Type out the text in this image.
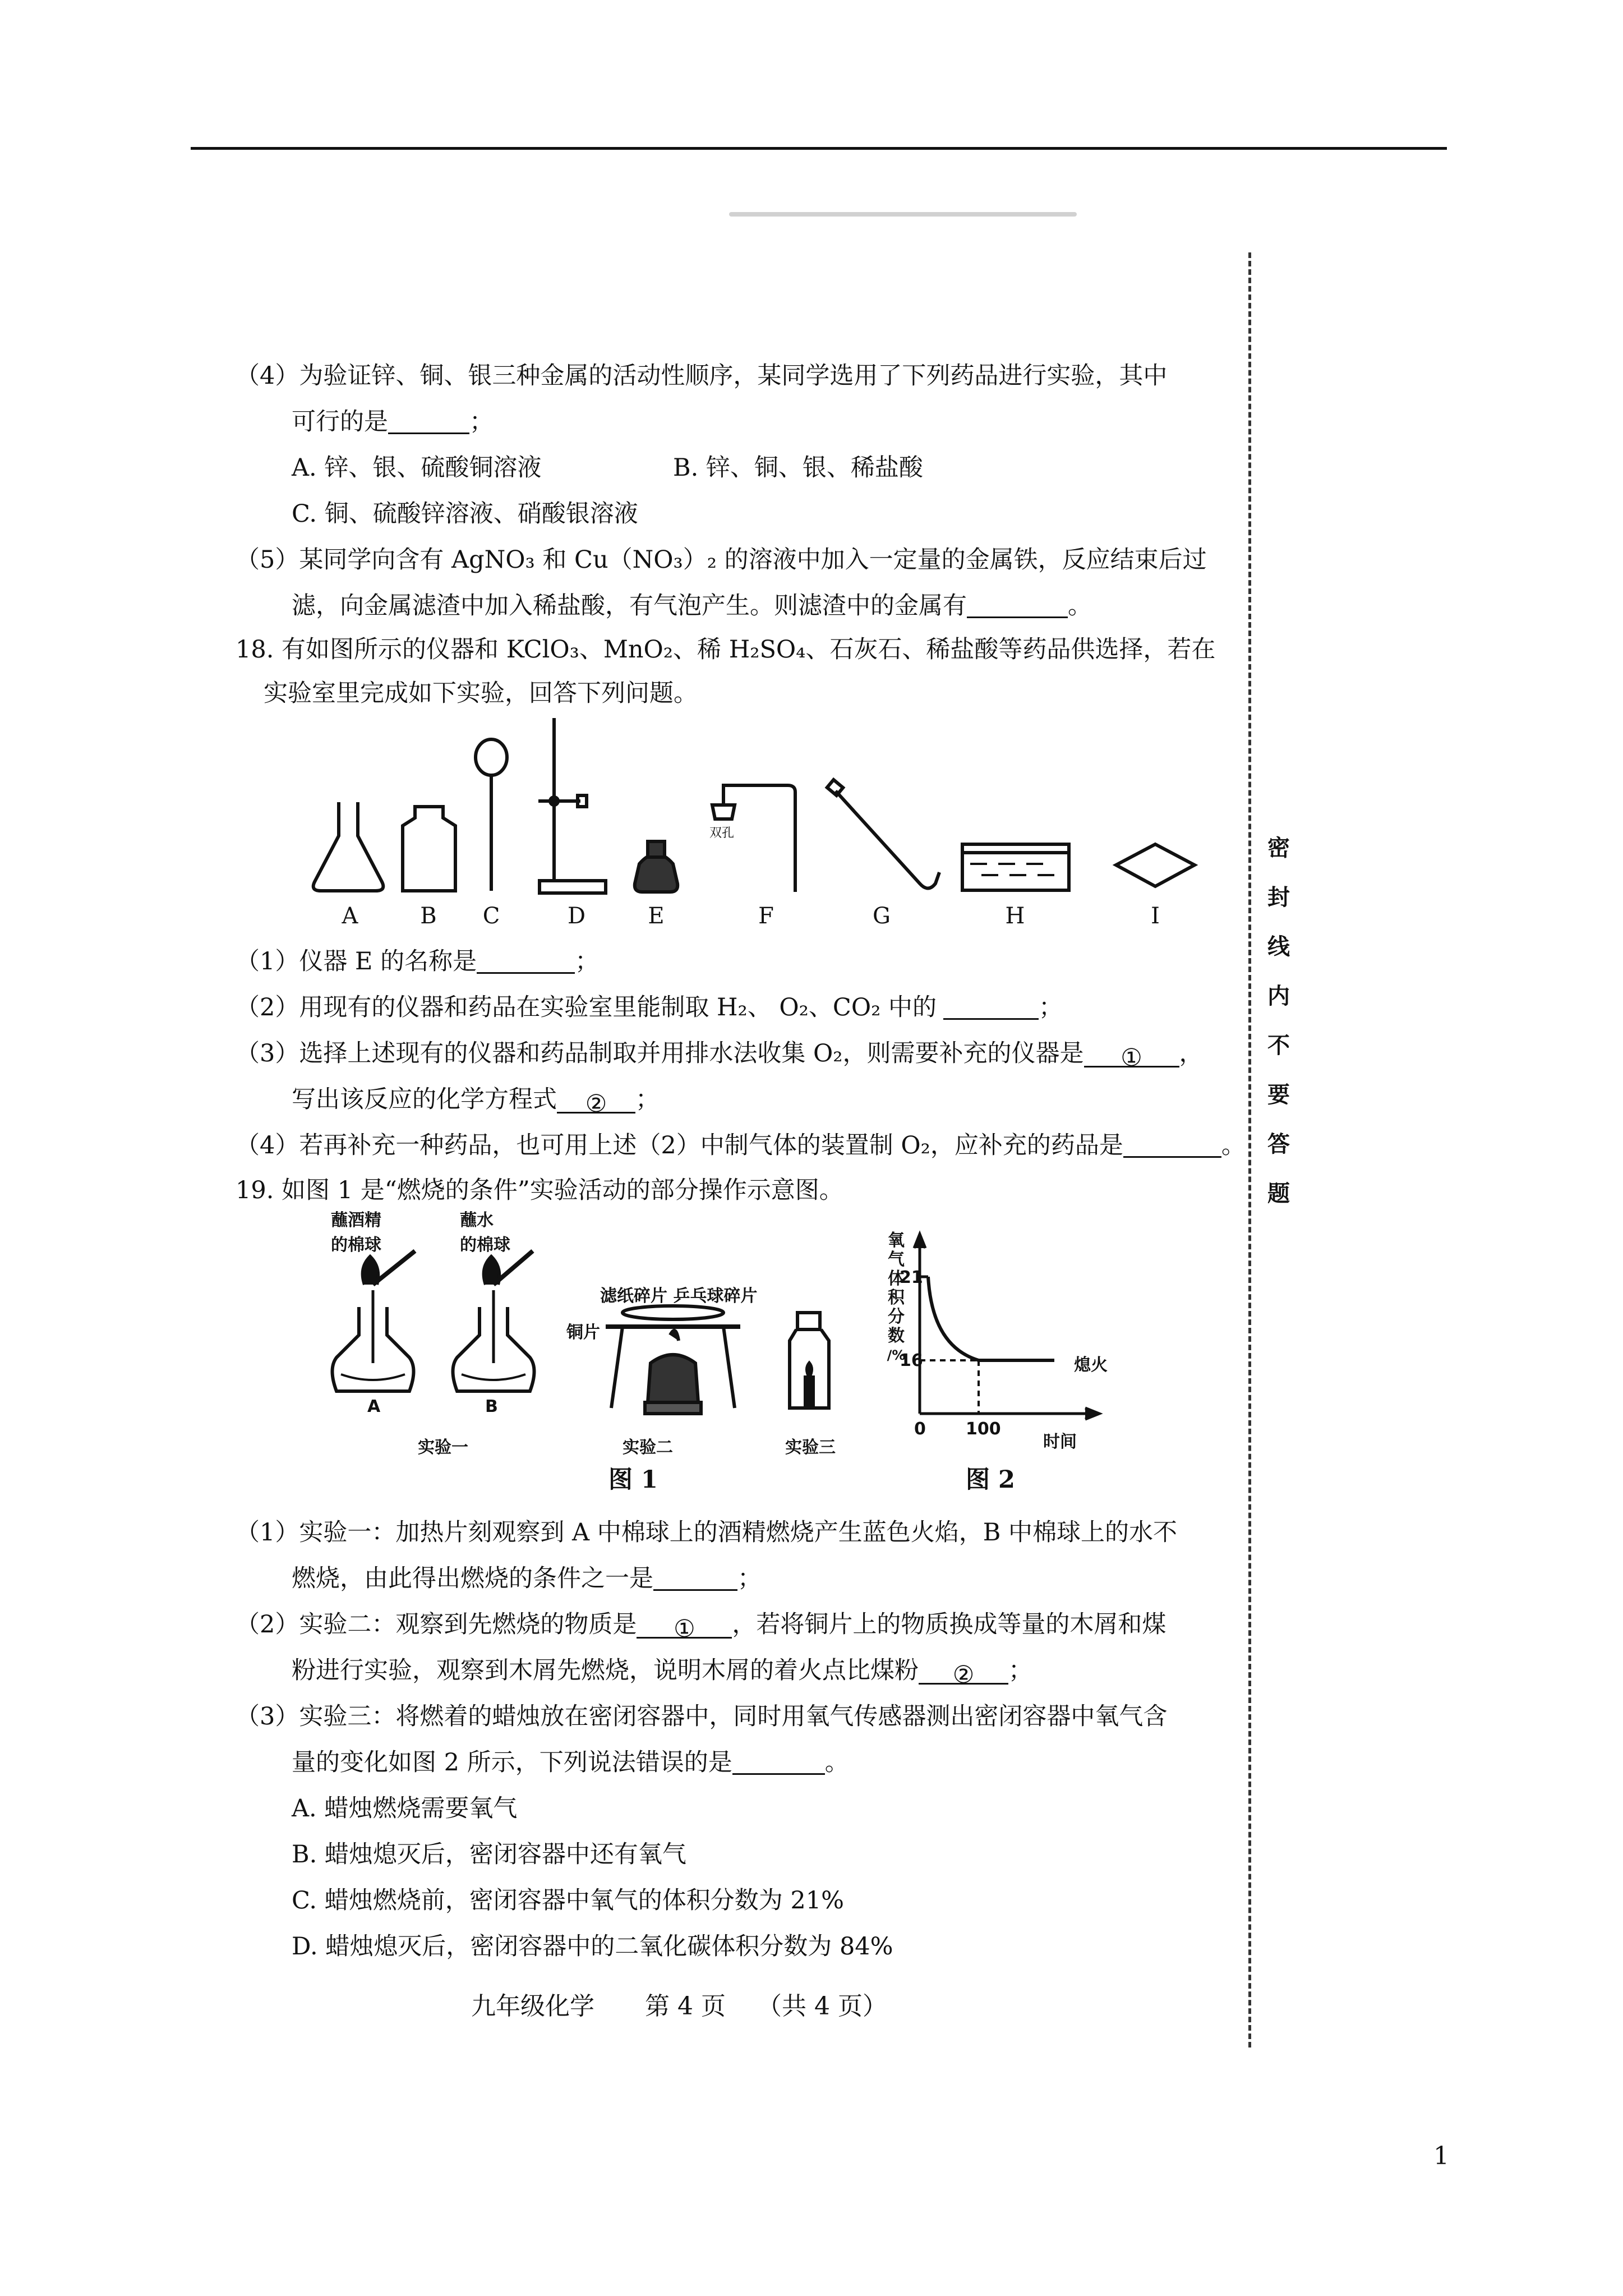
密
封
线
内
不
要
答
题
（4）为验证锌、铜、银三种金属的活动性顺序，某同学选用了下列药品进行实验，其中
可行的是	；
A. 锌、银、硫酸铜溶液	B. 锌、铜、银、稀盐酸
C. 铜、硫酸锌溶液、硝酸银溶液
（5）某同学向含有 AgNO₃ 和 Cu（NO₃）₂ 的溶液中加入一定量的金属铁，反应结束后过
滤，向金属滤渣中加入稀盐酸，有气泡产生。则滤渣中的金属有	。
18. 有如图所示的仪器和 KClO₃、MnO₂、稀 H₂SO₄、石灰石、稀盐酸等药品供选择，若在
实验室里完成如下实验，回答下列问题。
双孔
A	B	C	D	E	F	G	H	I
（1）仪器 E 的名称是	；
（2）用现有的仪器和药品在实验室里能制取 H₂、 O₂、CO₂ 中的	；
（3）选择上述现有的仪器和药品制取并用排水法收集 O₂，则需要补充的仪器是 ① ，
写出该反应的化学方程式 ② ；
（4）若再补充一种药品，也可用上述（2）中制气体的装置制 O₂，应补充的药品是	。
19. 如图 1 是“燃烧的条件”实验活动的部分操作示意图。
蘸酒精
的棉球
蘸水
的棉球
A	B
实验一
滤纸碎片 乒乓球碎片
铜片
实验二	实验三
图 1
氧
气
体
积
分
数
/%
21
16
0 100
时间
熄火
图 2
（1）实验一：加热片刻观察到 A 中棉球上的酒精燃烧产生蓝色火焰，B 中棉球上的水不
燃烧，由此得出燃烧的条件之一是	；
（2）实验二：观察到先燃烧的物质是 ① ，若将铜片上的物质换成等量的木屑和煤
粉进行实验，观察到木屑先燃烧，说明木屑的着火点比煤粉 ② ；
（3）实验三：将燃着的蜡烛放在密闭容器中，同时用氧气传感器测出密闭容器中氧气含
量的变化如图 2 所示，下列说法错误的是	。
A. 蜡烛燃烧需要氧气
B. 蜡烛熄灭后，密闭容器中还有氧气
C. 蜡烛燃烧前，密闭容器中氧气的体积分数为 21%
D. 蜡烛熄灭后，密闭容器中的二氧化碳体积分数为 84%
九年级化学 第 4 页 （共 4 页）
1
